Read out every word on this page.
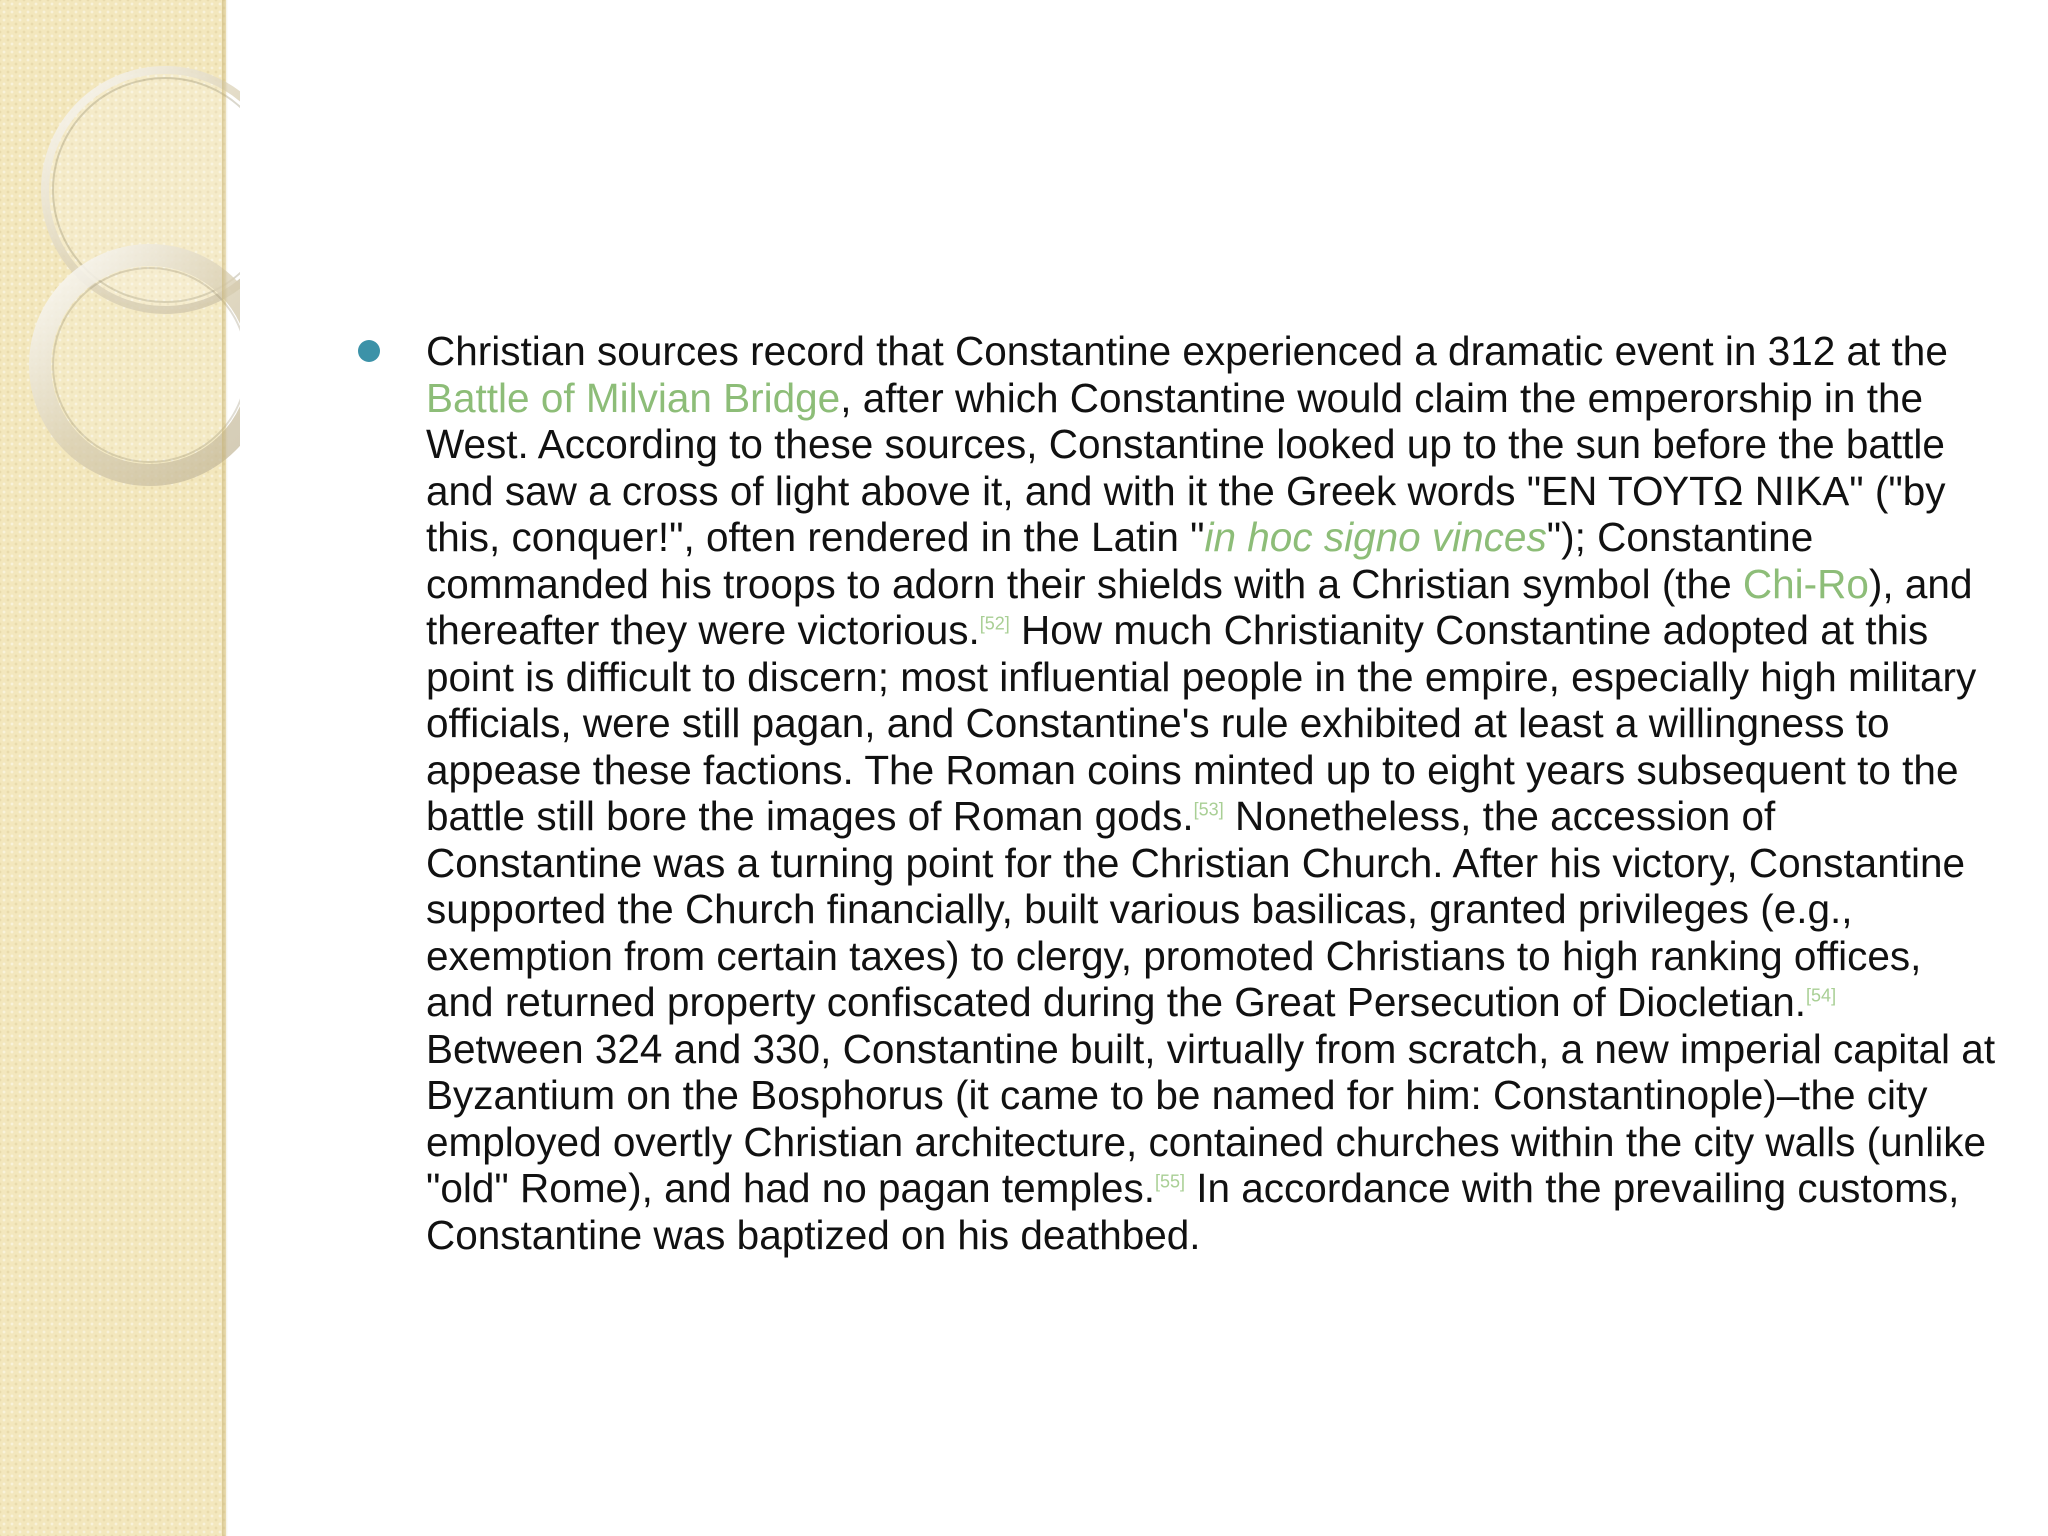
Christian sources record that Constantine experienced a dramatic event in 312 at the Battle of Milvian Bridge, after which Constantine would claim the emperorship in the West. According to these sources, Constantine looked up to the sun before the battle and saw a cross of light above it, and with it the Greek words "ΕΝ ΤΟΥΤΩ ΝΙΚΑ" ("by this, conquer!", often rendered in the Latin "in hoc signo vinces"); Constantine commanded his troops to adorn their shields with a Christian symbol (the Chi-Ro), and thereafter they were victorious.[52] How much Christianity Constantine adopted at this point is difficult to discern; most influential people in the empire, especially high military officials, were still pagan, and Constantine's rule exhibited at least a willingness to appease these factions. The Roman coins minted up to eight years subsequent to the battle still bore the images of Roman gods.[53] Nonetheless, the accession of Constantine was a turning point for the Christian Church. After his victory, Constantine supported the Church financially, built various basilicas, granted privileges (e.g., exemption from certain taxes) to clergy, promoted Christians to high ranking offices, and returned property confiscated during the Great Persecution of Diocletian.[54] Between 324 and 330, Constantine built, virtually from scratch, a new imperial capital at Byzantium on the Bosphorus (it came to be named for him: Constantinople)–the city employed overtly Christian architecture, contained churches within the city walls (unlike "old" Rome), and had no pagan temples.[55] In accordance with the prevailing customs, Constantine was baptized on his deathbed.
